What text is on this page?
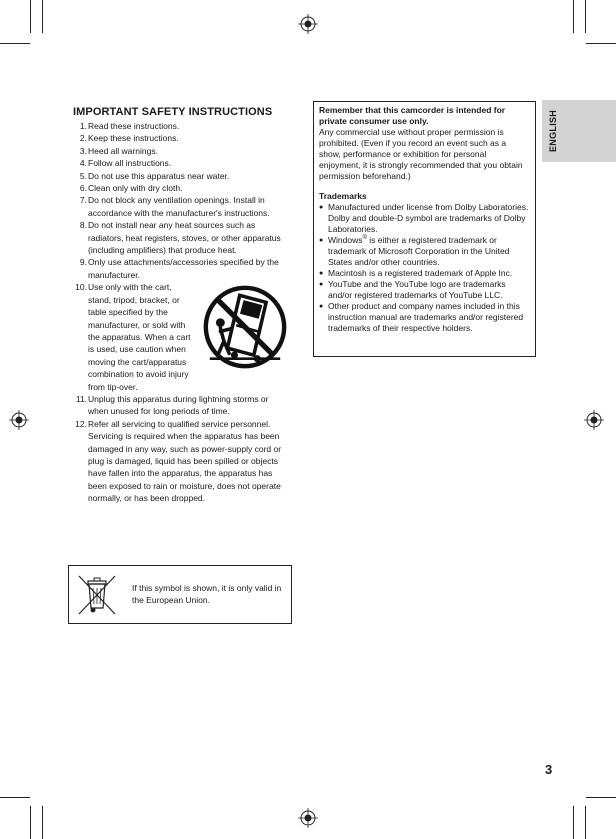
ENGLISH
IMPORTANT SAFETY INSTRUCTIONS
1. Read these instructions.
2. Keep these instructions.
3. Heed all warnings.
4. Follow all instructions.
5. Do not use this apparatus near water.
6. Clean only with dry cloth.
7. Do not block any ventilation openings. Install in accordance with the manufacturer's instructions.
8. Do not install near any heat sources such as radiators, heat registers, stoves, or other apparatus (including amplifiers) that produce heat.
9. Only use attachments/accessories specified by the manufacturer.
10. Use only with the cart, stand, tripod, bracket, or table specified by the manufacturer, or sold with the apparatus. When a cart is used, use caution when moving the cart/apparatus combination to avoid injury from tip-over.
11. Unplug this apparatus during lightning storms or when unused for long periods of time.
12. Refer all servicing to qualified service personnel. Servicing is required when the apparatus has been damaged in any way, such as power-supply cord or plug is damaged, liquid has been spilled or objects have fallen into the apparatus, the apparatus has been exposed to rain or moisture, does not operate normally, or has been dropped.
If this symbol is shown, it is only valid in the European Union.
Remember that this camcorder is intended for private consumer use only.
Any commercial use without proper permission is prohibited. (Even if you record an event such as a show, performance or exhibition for personal enjoyment, it is strongly recommended that you obtain permission beforehand.)
Trademarks
● Manufactured under license from Dolby Laboratories. Dolby and double-D symbol are trademarks of Dolby Laboratories.
● Windows® is either a registered trademark or trademark of Microsoft Corporation in the United States and/or other countries.
● Macintosh is a registered trademark of Apple Inc.
● YouTube and the YouTube logo are trademarks and/or registered trademarks of YouTube LLC.
● Other product and company names included in this instruction manual are trademarks and/or registered trademarks of their respective holders.
3
